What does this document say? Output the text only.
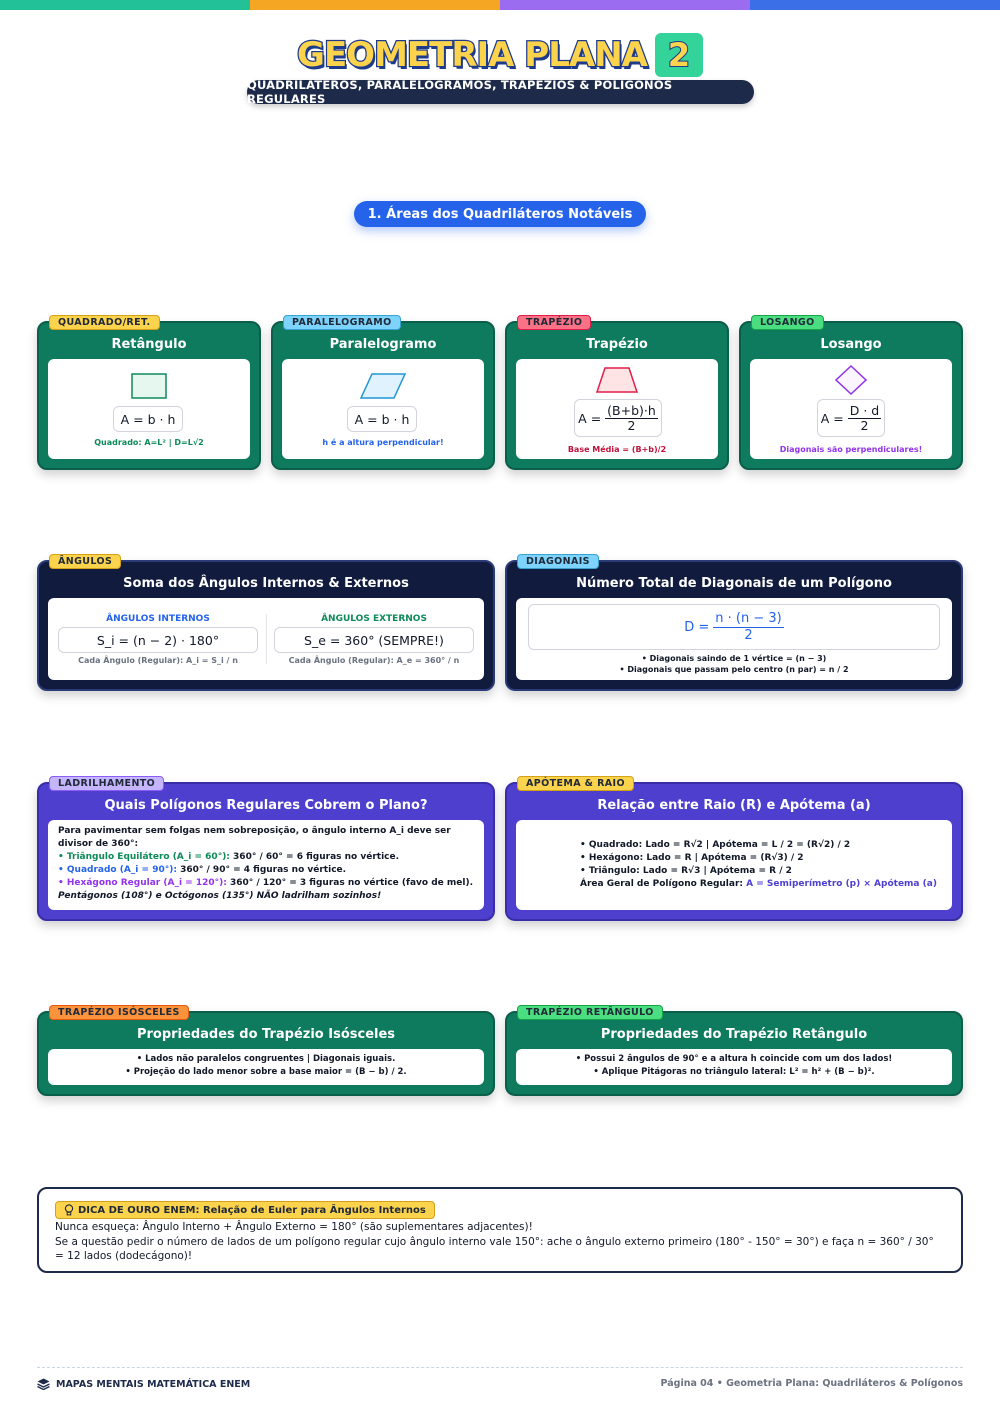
GEOMETRIA PLANA 2
QUADRILÁTEROS, PARALELOGRAMOS, TRAPÉZIOS & POLÍGONOS REGULARES
1. Áreas dos Quadriláteros Notáveis
QUADRADO/RET.
Retângulo
A = b · h
Quadrado: A=L² | D=L√2
PARALELOGRAMO
Paralelogramo
A = b · h
h é a altura perpendicular!
TRAPÉZIO
Trapézio
$A = \frac{(B+b)\cdot h}{2}$
Base Média = (B+b)/2
LOSANGO
Losango
$A = \frac{D \cdot d}{2}$
Diagonais são perpendiculares!
ÂNGULOS
Soma dos Ângulos Internos & Externos
ÂNGULOS INTERNOS
S_i = (n − 2) · 180°
Cada Ângulo (Regular): A_i = S_i / n
ÂNGULOS EXTERNOS
S_e = 360° (SEMPRE!)
Cada Ângulo (Regular): A_e = 360° / n
DIAGONAIS
Número Total de Diagonais de um Polígono
$D = \frac{n \cdot (n - 3)}{2}$
• Diagonais saindo de 1 vértice = (n − 3)
• Diagonais que passam pelo centro (n par) = n / 2
LADRILHAMENTO
Quais Polígonos Regulares Cobrem o Plano?
Para pavimentar sem folgas nem sobreposição, o ângulo interno A_i deve ser divisor de 360°:
• Triângulo Equilátero (A_i = 60°): 360° / 60° = 6 figuras no vértice.
• Quadrado (A_i = 90°): 360° / 90° = 4 figuras no vértice.
• Hexágono Regular (A_i = 120°): 360° / 120° = 3 figuras no vértice (favo de mel).
Pentágonos (108°) e Octógonos (135°) NÃO ladrilham sozinhos!
APÓTEMA & RAIO
Relação entre Raio (R) e Apótema (a)
• Quadrado: Lado = R√2 | Apótema = L / 2 = (R√2) / 2
• Hexágono: Lado = R | Apótema = (R√3) / 2
• Triângulo: Lado = R√3 | Apótema = R / 2
Área Geral de Polígono Regular: A = Semiperímetro (p) × Apótema (a)
TRAPÉZIO ISÓSCELES
Propriedades do Trapézio Isósceles
• Lados não paralelos congruentes | Diagonais iguais.
• Projeção do lado menor sobre a base maior = (B − b) / 2.
TRAPÉZIO RETÂNGULO
Propriedades do Trapézio Retângulo
• Possui 2 ângulos de 90° e a altura h coincide com um dos lados!
• Aplique Pitágoras no triângulo lateral: L² = h² + (B − b)².
DICA DE OURO ENEM: Relação de Euler para Ângulos Internos
Nunca esqueça: Ângulo Interno + Ângulo Externo = 180° (são suplementares adjacentes)!
Se a questão pedir o número de lados de um polígono regular cujo ângulo interno vale 150°: ache o ângulo externo primeiro (180° - 150° = 30°) e faça n = 360° / 30° = 12 lados (dodecágono)!
MAPAS MENTAIS MATEMÁTICA ENEM	Página 04 • Geometria Plana: Quadriláteros & Polígonos
